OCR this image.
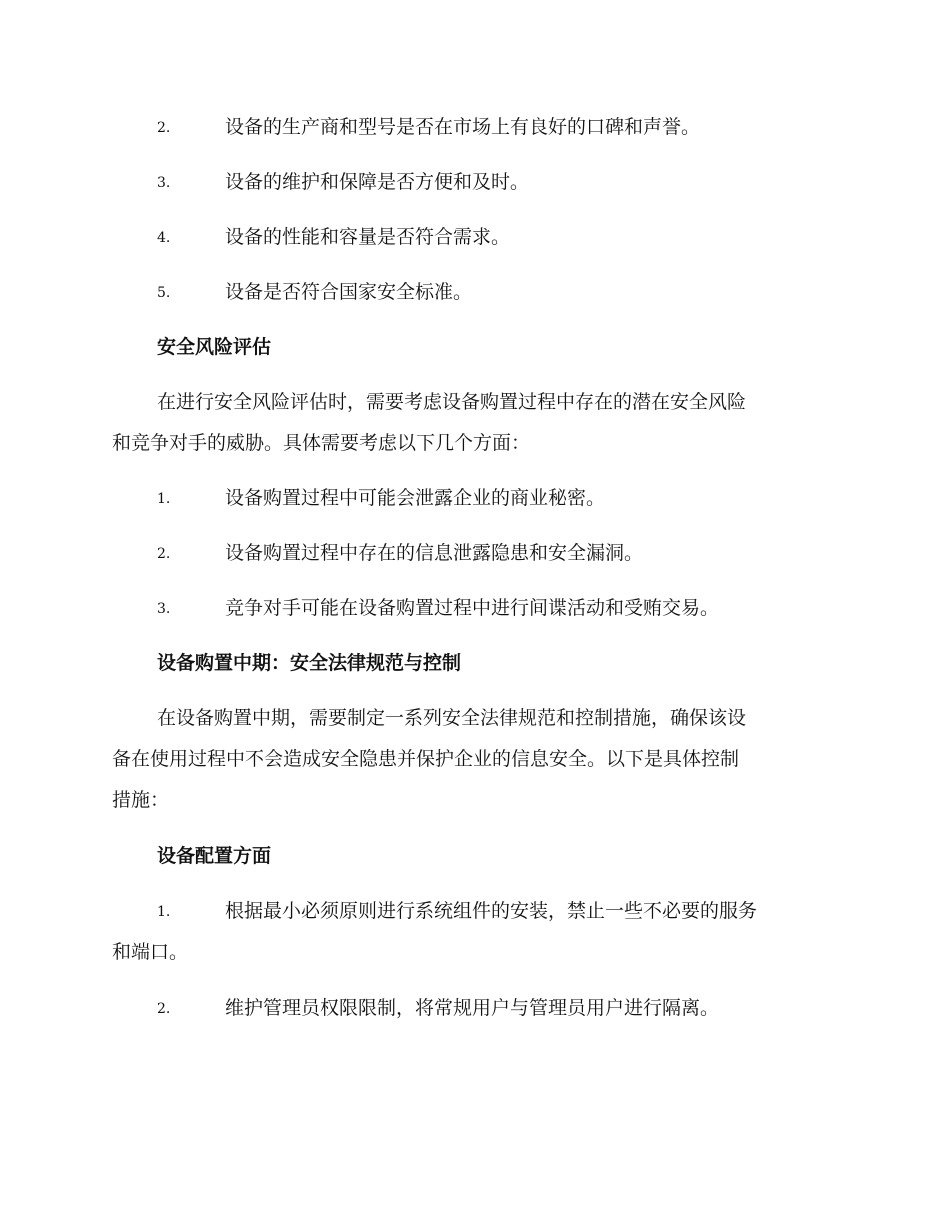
2.	设备的生产商和型号是否在市场上有良好的口碑和声誉。
3.	设备的维护和保障是否方便和及时。
4.	设备的性能和容量是否符合需求。
5.	设备是否符合国家安全标准。
安全风险评估
在进行安全风险评估时，需要考虑设备购置过程中存在的潜在安全风险
和竞争对手的威胁。具体需要考虑以下几个方面：
1.	设备购置过程中可能会泄露企业的商业秘密。
2.	设备购置过程中存在的信息泄露隐患和安全漏洞。
3.	竞争对手可能在设备购置过程中进行间谍活动和受贿交易。
设备购置中期：安全法律规范与控制
在设备购置中期，需要制定一系列安全法律规范和控制措施，确保该设
备在使用过程中不会造成安全隐患并保护企业的信息安全。以下是具体控制
措施：
设备配置方面
1.	根据最小必须原则进行系统组件的安装，禁止一些不必要的服务
和端口。
2.	维护管理员权限限制，将常规用户与管理员用户进行隔离。
